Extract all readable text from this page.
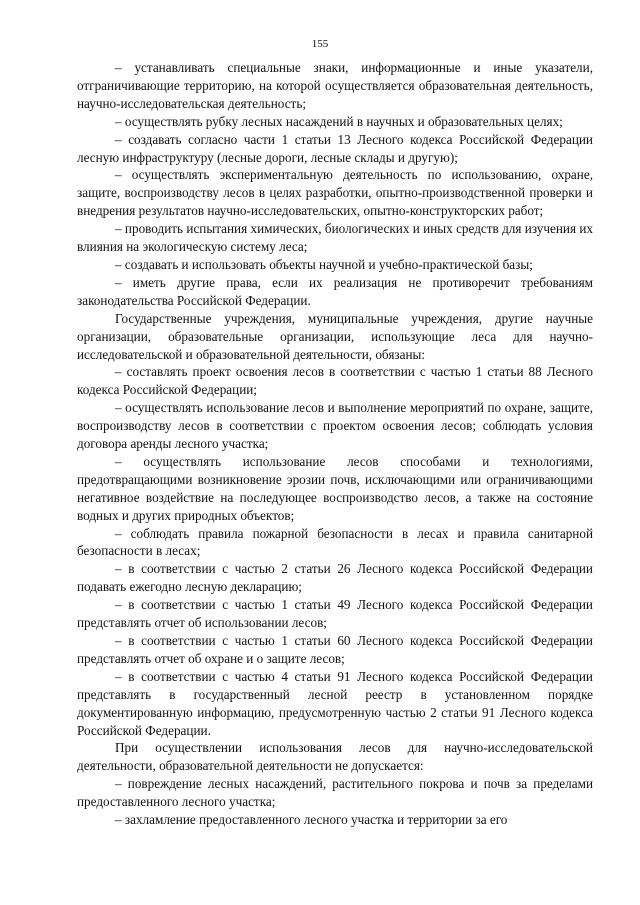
155

– устанавливать специальные знаки, информационные и иные указатели, отграничивающие территорию, на которой осуществляется образовательная деятельность, научно-исследовательская деятельность;

– осуществлять рубку лесных насаждений в научных и образовательных целях;

– создавать согласно части 1 статьи 13 Лесного кодекса Российской Федерации лесную инфраструктуру (лесные дороги, лесные склады и другую);

– осуществлять экспериментальную деятельность по использованию, охране, защите, воспроизводству лесов в целях разработки, опытно-производственной проверки и внедрения результатов научно-исследовательских, опытно-конструкторских работ;

– проводить испытания химических, биологических и иных средств для изучения их влияния на экологическую систему леса;

– создавать и использовать объекты научной и учебно-практической базы;

– иметь другие права, если их реализация не противоречит требованиям законодательства Российской Федерации.

Государственные учреждения, муниципальные учреждения, другие научные организации, образовательные организации, использующие леса для научно-исследовательской и образовательной деятельности, обязаны:

– составлять проект освоения лесов в соответствии с частью 1 статьи 88 Лесного кодекса Российской Федерации;

– осуществлять использование лесов и выполнение мероприятий по охране, защите, воспроизводству лесов в соответствии с проектом освоения лесов; соблюдать условия договора аренды лесного участка;

– осуществлять использование лесов способами и технологиями, предотвращающими возникновение эрозии почв, исключающими или ограничивающими негативное воздействие на последующее воспроизводство лесов, а также на состояние водных и других природных объектов;

– соблюдать правила пожарной безопасности в лесах и правила санитарной безопасности в лесах;

– в соответствии с частью 2 статьи 26 Лесного кодекса Российской Федерации подавать ежегодно лесную декларацию;

– в соответствии с частью 1 статьи 49 Лесного кодекса Российской Федерации представлять отчет об использовании лесов;

– в соответствии с частью 1 статьи 60 Лесного кодекса Российской Федерации представлять отчет об охране и о защите лесов;

– в соответствии с частью 4 статьи 91 Лесного кодекса Российской Федерации представлять в государственный лесной реестр в установленном порядке документированную информацию, предусмотренную частью 2 статьи 91 Лесного кодекса Российской Федерации.

При осуществлении использования лесов для научно-исследовательской деятельности, образовательной деятельности не допускается:

– повреждение лесных насаждений, растительного покрова и почв за пределами предоставленного лесного участка;

– захламление предоставленного лесного участка и территории за его
